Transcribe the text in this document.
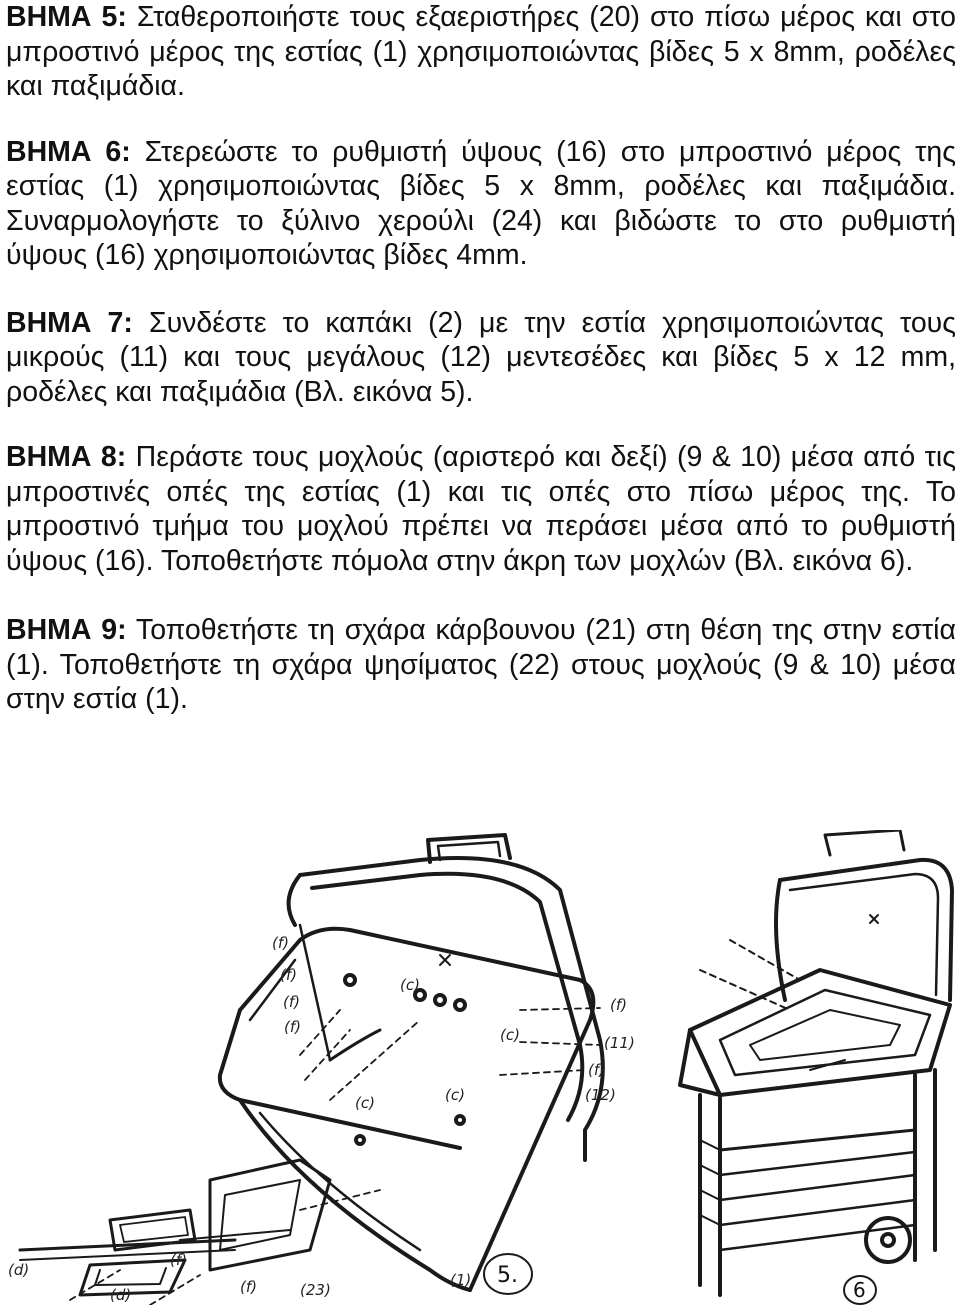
ΒΗΜΑ 5: Σταθεροποιήστε τους εξαεριστήρες (20) στο πίσω μέρος και στο μπροστινό μέρος της εστίας (1) χρησιμοποιώντας βίδες 5 x 8mm, ροδέλες και παξιμάδια.

ΒΗΜΑ 6: Στερεώστε το ρυθμιστή ύψους (16) στο μπροστινό μέρος της εστίας (1) χρησιμοποιώντας βίδες 5 x 8mm, ροδέλες και παξιμάδια. Συναρμολογήστε το ξύλινο χερούλι (24) και βιδώστε το στο ρυθμιστή ύψους (16) χρησιμοποιώντας βίδες 4mm.

ΒΗΜΑ 7: Συνδέστε το καπάκι (2) με την εστία χρησιμοποιώντας τους μικρούς (11) και τους μεγάλους (12) μεντεσέδες και βίδες 5 x 12 mm, ροδέλες και παξιμάδια (Βλ. εικόνα 5).

ΒΗΜΑ 8: Περάστε τους μοχλούς (αριστερό και δεξί) (9 & 10) μέσα από τις μπροστινές οπές της εστίας (1) και τις οπές στο πίσω μέρος της. Το μπροστινό τμήμα του μοχλού πρέπει να περάσει μέσα από το ρυθμιστή ύψους (16). Τοποθετήστε πόμολα στην άκρη των μοχλών (Βλ. εικόνα 6).

ΒΗΜΑ 9: Τοποθετήστε τη σχάρα κάρβουνου (21) στη θέση της στην εστία (1). Τοποθετήστε τη σχάρα ψησίματος (22) στους μοχλούς (9 & 10) μέσα στην εστία (1).

(f)
(f)
(f)
(f)
(c)
(c)
(f)
(11)
(12)
(f)
(c)
(c)
(f)
(f)	(23)
(1)
(d)
(d)
5.
6
